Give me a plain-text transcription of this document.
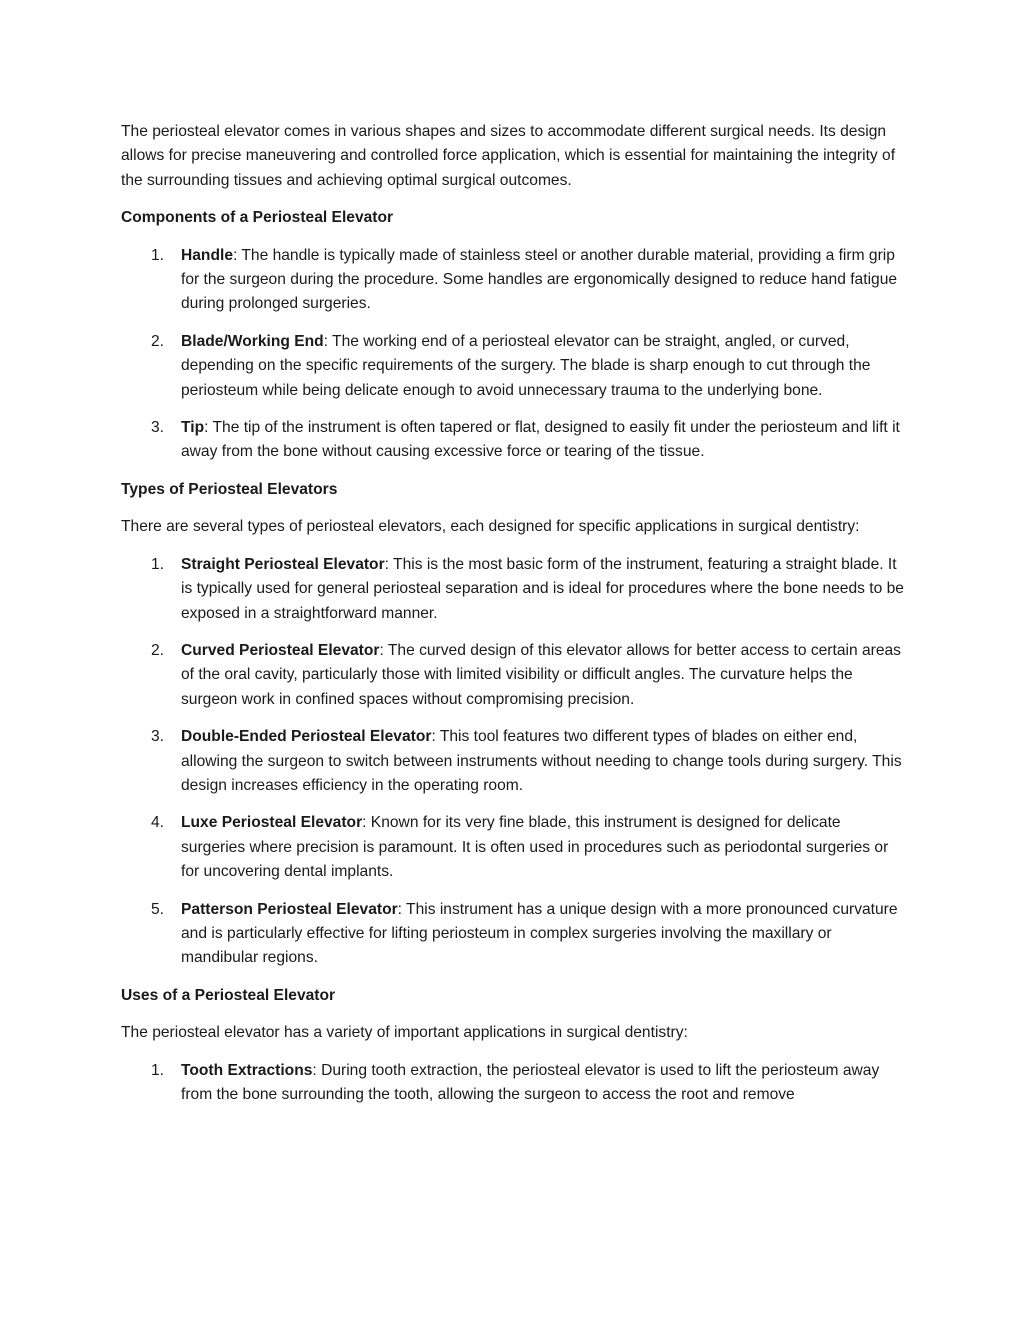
The periosteal elevator comes in various shapes and sizes to accommodate different surgical needs. Its design allows for precise maneuvering and controlled force application, which is essential for maintaining the integrity of the surrounding tissues and achieving optimal surgical outcomes.

Components of a Periosteal Elevator
1. Handle: The handle is typically made of stainless steel or another durable material, providing a firm grip for the surgeon during the procedure. Some handles are ergonomically designed to reduce hand fatigue during prolonged surgeries.
2. Blade/Working End: The working end of a periosteal elevator can be straight, angled, or curved, depending on the specific requirements of the surgery. The blade is sharp enough to cut through the periosteum while being delicate enough to avoid unnecessary trauma to the underlying bone.
3. Tip: The tip of the instrument is often tapered or flat, designed to easily fit under the periosteum and lift it away from the bone without causing excessive force or tearing of the tissue.
Types of Periosteal Elevators

There are several types of periosteal elevators, each designed for specific applications in surgical dentistry:

1. Straight Periosteal Elevator: This is the most basic form of the instrument, featuring a straight blade. It is typically used for general periosteal separation and is ideal for procedures where the bone needs to be exposed in a straightforward manner.
2. Curved Periosteal Elevator: The curved design of this elevator allows for better access to certain areas of the oral cavity, particularly those with limited visibility or difficult angles. The curvature helps the surgeon work in confined spaces without compromising precision.
3. Double-Ended Periosteal Elevator: This tool features two different types of blades on either end, allowing the surgeon to switch between instruments without needing to change tools during surgery. This design increases efficiency in the operating room.
4. Luxe Periosteal Elevator: Known for its very fine blade, this instrument is designed for delicate surgeries where precision is paramount. It is often used in procedures such as periodontal surgeries or for uncovering dental implants.
5. Patterson Periosteal Elevator: This instrument has a unique design with a more pronounced curvature and is particularly effective for lifting periosteum in complex surgeries involving the maxillary or mandibular regions.
Uses of a Periosteal Elevator

The periosteal elevator has a variety of important applications in surgical dentistry:

1. Tooth Extractions: During tooth extraction, the periosteal elevator is used to lift the periosteum away from the bone surrounding the tooth, allowing the surgeon to access the root and remove
